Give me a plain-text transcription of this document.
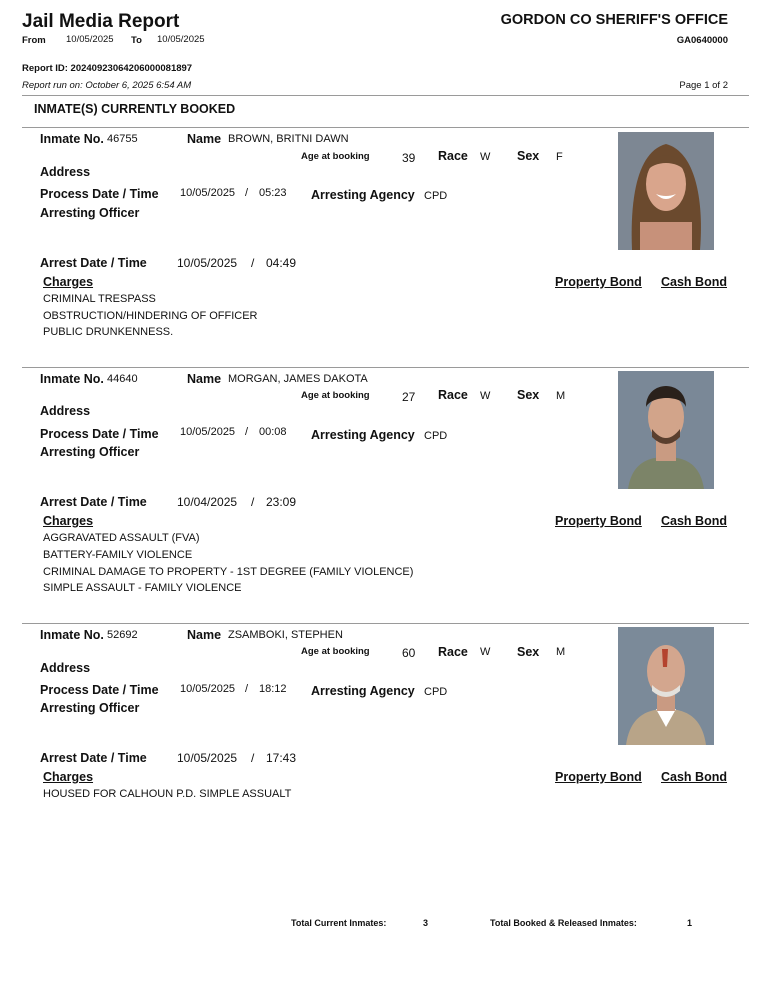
Jail Media Report
From 10/05/2025 To 10/05/2025
GORDON CO SHERIFF'S OFFICE
GA0640000
Report ID: 20240923064206000081897
Report run on: October 6, 2025 6:54 AM	Page 1 of 2
INMATE(S) CURRENTLY BOOKED
Inmate No. 46755	Name BROWN, BRITNI DAWN
Age at booking	39 Race W Sex F
Address
Process Date / Time 10/05/2025 / 05:23 Arresting Agency CPD
Arresting Officer
Arrest Date / Time	10/05/2025 / 04:49
Charges	Property Bond Cash Bond
CRIMINAL TRESPASS
OBSTRUCTION/HINDERING OF OFFICER
PUBLIC DRUNKENNESS.
Inmate No. 44640	Name MORGAN, JAMES DAKOTA
Age at booking	27 Race W Sex M
Address
Process Date / Time 10/05/2025 / 00:08 Arresting Agency CPD
Arresting Officer
Arrest Date / Time	10/04/2025 / 23:09
Charges	Property Bond Cash Bond
AGGRAVATED ASSAULT (FVA)
BATTERY-FAMILY VIOLENCE
CRIMINAL DAMAGE TO PROPERTY - 1ST DEGREE (FAMILY VIOLENCE)
SIMPLE ASSAULT - FAMILY VIOLENCE
Inmate No. 52692	Name ZSAMBOKI, STEPHEN
Age at booking	60 Race W Sex M
Address
Process Date / Time 10/05/2025 / 18:12 Arresting Agency CPD
Arresting Officer
Arrest Date / Time	10/05/2025 / 17:43
Charges	Property Bond Cash Bond
HOUSED FOR CALHOUN P.D. SIMPLE ASSUALT
Total Current Inmates:	3	Total Booked & Released Inmates:	1
